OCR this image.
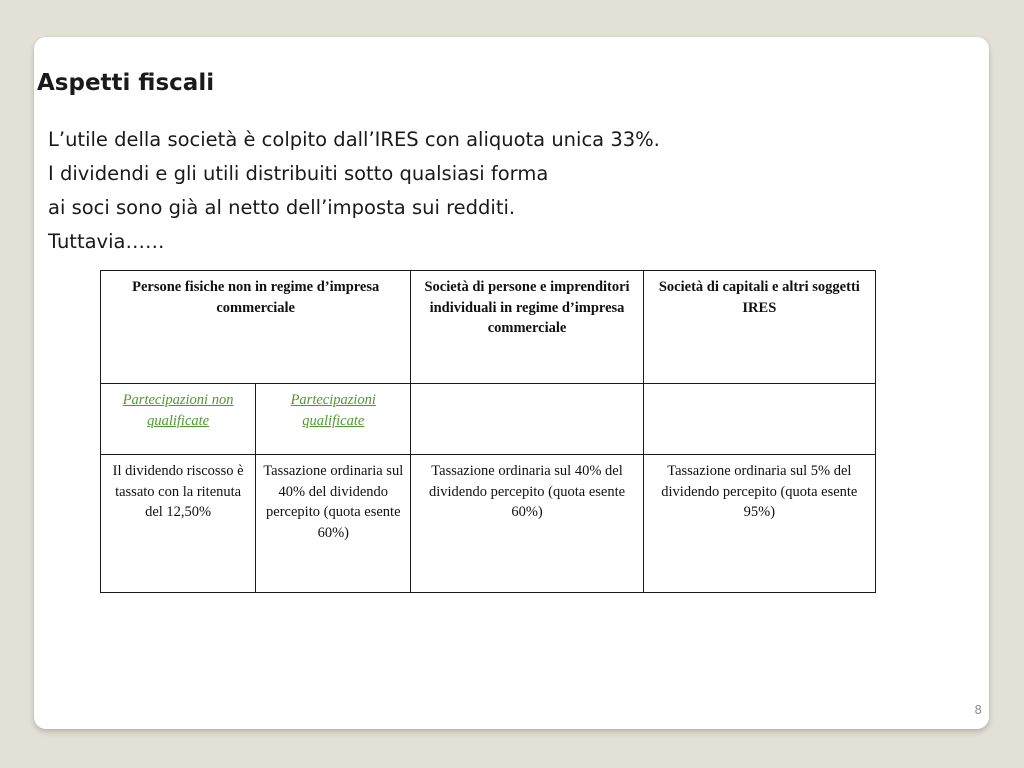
Aspetti fiscali
L’utile della società è colpito dall’IRES con aliquota unica 33%.
I dividendi e gli utili distribuiti sotto qualsiasi forma
ai soci sono già al netto dell’imposta sui redditi.
Tuttavia……
Persone fisiche non in regime d’impresa commerciale		Società di persone e imprenditori individuali in regime d’impresa commerciale	Società di capitali e altri soggetti IRES
Partecipazioni non qualificate	Partecipazioni qualificate		
Il dividendo riscosso è tassato con la ritenuta del 12,50%	Tassazione ordinaria sul 40% del dividendo percepito (quota esente 60%)	Tassazione ordinaria sul 40% del dividendo percepito (quota esente 60%)	Tassazione ordinaria sul 5% del dividendo percepito (quota esente 95%)
8
